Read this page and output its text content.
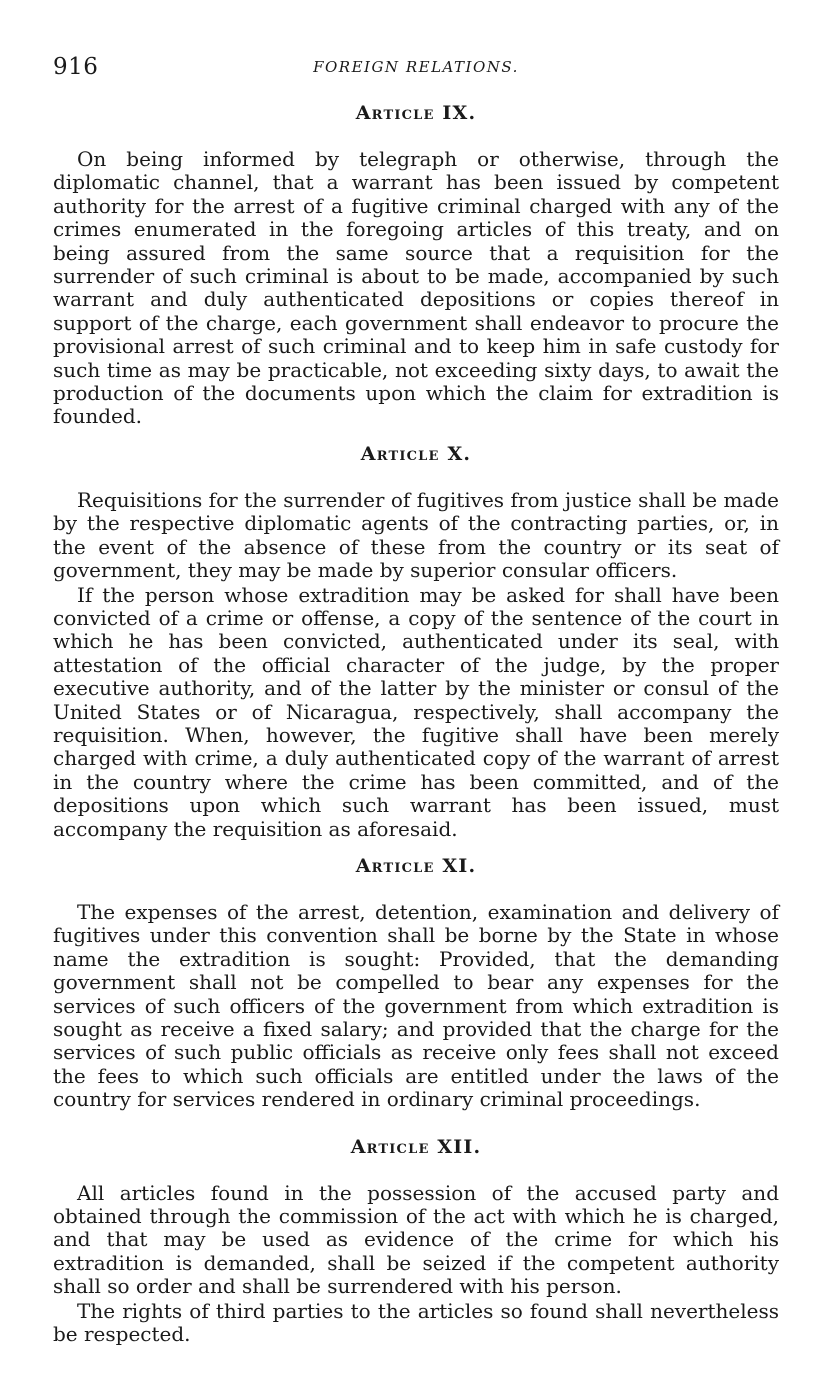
916	FOREIGN RELATIONS.
Article IX.

On being informed by telegraph or otherwise, through the diplomatic channel, that a warrant has been issued by competent authority for the arrest of a fugitive criminal charged with any of the crimes enumerated in the foregoing articles of this treaty, and on being assured from the same source that a requisition for the surrender of such criminal is about to be made, accompanied by such warrant and duly authenticated depositions or copies thereof in support of the charge, each government shall endeavor to procure the provisional arrest of such criminal and to keep him in safe custody for such time as may be practicable, not exceeding sixty days, to await the production of the documents upon which the claim for extradition is founded.

Article X.

Requisitions for the surrender of fugitives from justice shall be made by the respective diplomatic agents of the contracting parties, or, in the event of the absence of these from the country or its seat of government, they may be made by superior consular officers.

If the person whose extradition may be asked for shall have been convicted of a crime or offense, a copy of the sentence of the court in which he has been convicted, authenticated under its seal, with attestation of the official character of the judge, by the proper executive authority, and of the latter by the minister or consul of the United States or of Nicaragua, respectively, shall accompany the requisition. When, however, the fugitive shall have been merely charged with crime, a duly authenticated copy of the warrant of arrest in the country where the crime has been committed, and of the depositions upon which such warrant has been issued, must accompany the requisition as aforesaid.

Article XI.

The expenses of the arrest, detention, examination and delivery of fugitives under this convention shall be borne by the State in whose name the extradition is sought: Provided, that the demanding government shall not be compelled to bear any expenses for the services of such officers of the government from which extradition is sought as receive a fixed salary; and provided that the charge for the services of such public officials as receive only fees shall not exceed the fees to which such officials are entitled under the laws of the country for services rendered in ordinary criminal proceedings.

Article XII.

All articles found in the possession of the accused party and obtained through the commission of the act with which he is charged, and that may be used as evidence of the crime for which his extradition is demanded, shall be seized if the competent authority shall so order and shall be surrendered with his person.

The rights of third parties to the articles so found shall nevertheless be respected.
